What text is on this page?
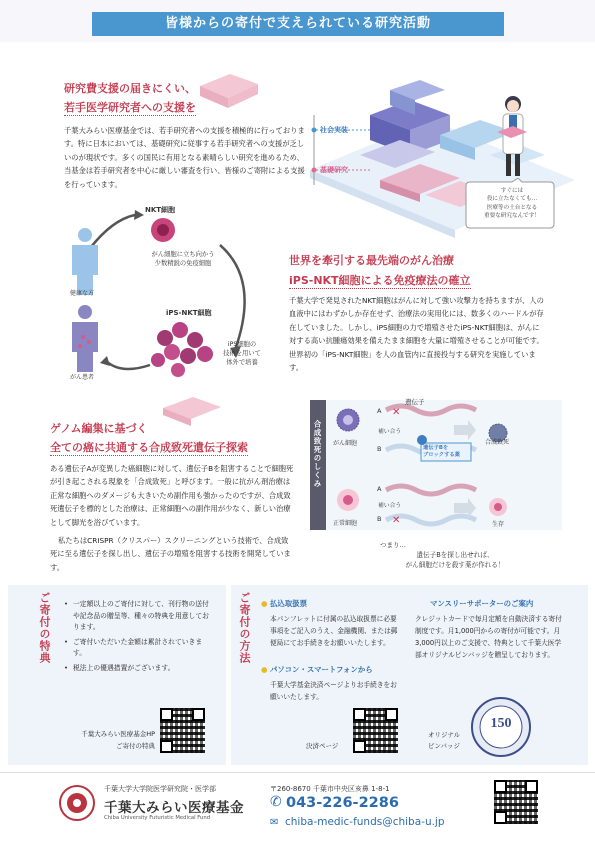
皆様からの寄付で支えられている研究活動
研究費支援の届きにくい、
若手医学研究者への支援を
千葉大みらい医療基金では、若手研究者への支援を積極的に行っております。特に日本においては、基礎研究に従事する若手研究者への支援が乏しいのが現状です。多くの国民に有用となる素晴らしい研究を進めるため、当基金は若手研究者を中心に厳しい審査を行い、皆様のご寄附による支援を行っています。
社会実装
基礎研究
すぐには
役に立たなくても…
医療等の土台となる
重要な研究なんです！
NKT細胞
がん細胞に立ち向かう
少数精鋭の免疫細胞
健康な方
iPS-NKT細胞
iPS細胞の
技術を用いて
体外で培養
がん患者
世界を牽引する最先端のがん治療
iPS-NKT細胞による免疫療法の確立
千葉大学で発見されたNKT細胞はがんに対して強い攻撃力を持ちますが、人の血液中にはわずかしか存在せず、治療法の実用化には、数多くのハードルが存在していました。しかし、iPS細胞の力で増殖させたiPS-NKT細胞は、がんに対する高い抗腫瘍効果を備えたまま細胞を大量に増殖させることが可能です。世界初の「iPS-NKT細胞」を人の血管内に直接投与する研究を実施しています。
ゲノム編集に基づく
全ての癌に共通する合成致死遺伝子探索
ある遺伝子Aが変異した癌細胞に対して、遺伝子Bを阻害することで細胞死が引き起こされる現象を「合成致死」と呼びます。一般に抗がん剤治療は正常な細胞へのダメージも大きいため副作用も強かったのですが、合成致死遺伝子を標的とした治療は、正常細胞への副作用が少なく、新しい治療として脚光を浴びています。
私たちはCRISPR（クリスパー）スクリーニングという技術で、合成致死に至る遺伝子を探し出し、遺伝子の増殖を阻害する技術を開発しています。
合成致死のしくみ
✕
✕
遺伝子
A
B
補い合う
がん細胞
遺伝子Bを
ブロックする薬
合成致死
A
B
補い合う
正常細胞	生存
つまり…
遺伝子Bを探し出せれば、
がん細胞だけを殺す薬が作れる！
ご寄付の特典	• 一定額以上のご寄付に対して、刊行物の送付や記念品の贈呈等、種々の特典を用意しております。
• ご寄付いただいた金額は累計されていきます。
• 税法上の優遇措置がございます。
千葉大みらい医療基金HP
ご寄付の特典
ご寄付の方法	● 払込取扱票
本パンフレットに付属の払込取扱票に必要事項をご記入のうえ、金融機関、または郵便局にてお手続きをお願いいたします。
● パソコン・スマートフォンから
千葉大学基金決済ページよりお手続きをお願いいたします。
決済ページ
マンスリーサポーターのご案内
クレジットカードで毎月定額を自動決済する寄付制度です。月1,000円からの寄付が可能です。月3,000円以上のご支援で、特典として千葉大医学部オリジナルピンバッジを贈呈しております。
オリジナル
ピンバッジ
150
千葉大学大学院医学研究院・医学部
千葉大みらい医療基金
Chiba University Futuristic Medical Fund
〒260-8670 千葉市中央区亥鼻 1-8-1
✆ 043-226-2286
✉ chiba-medic-funds@chiba-u.jp
